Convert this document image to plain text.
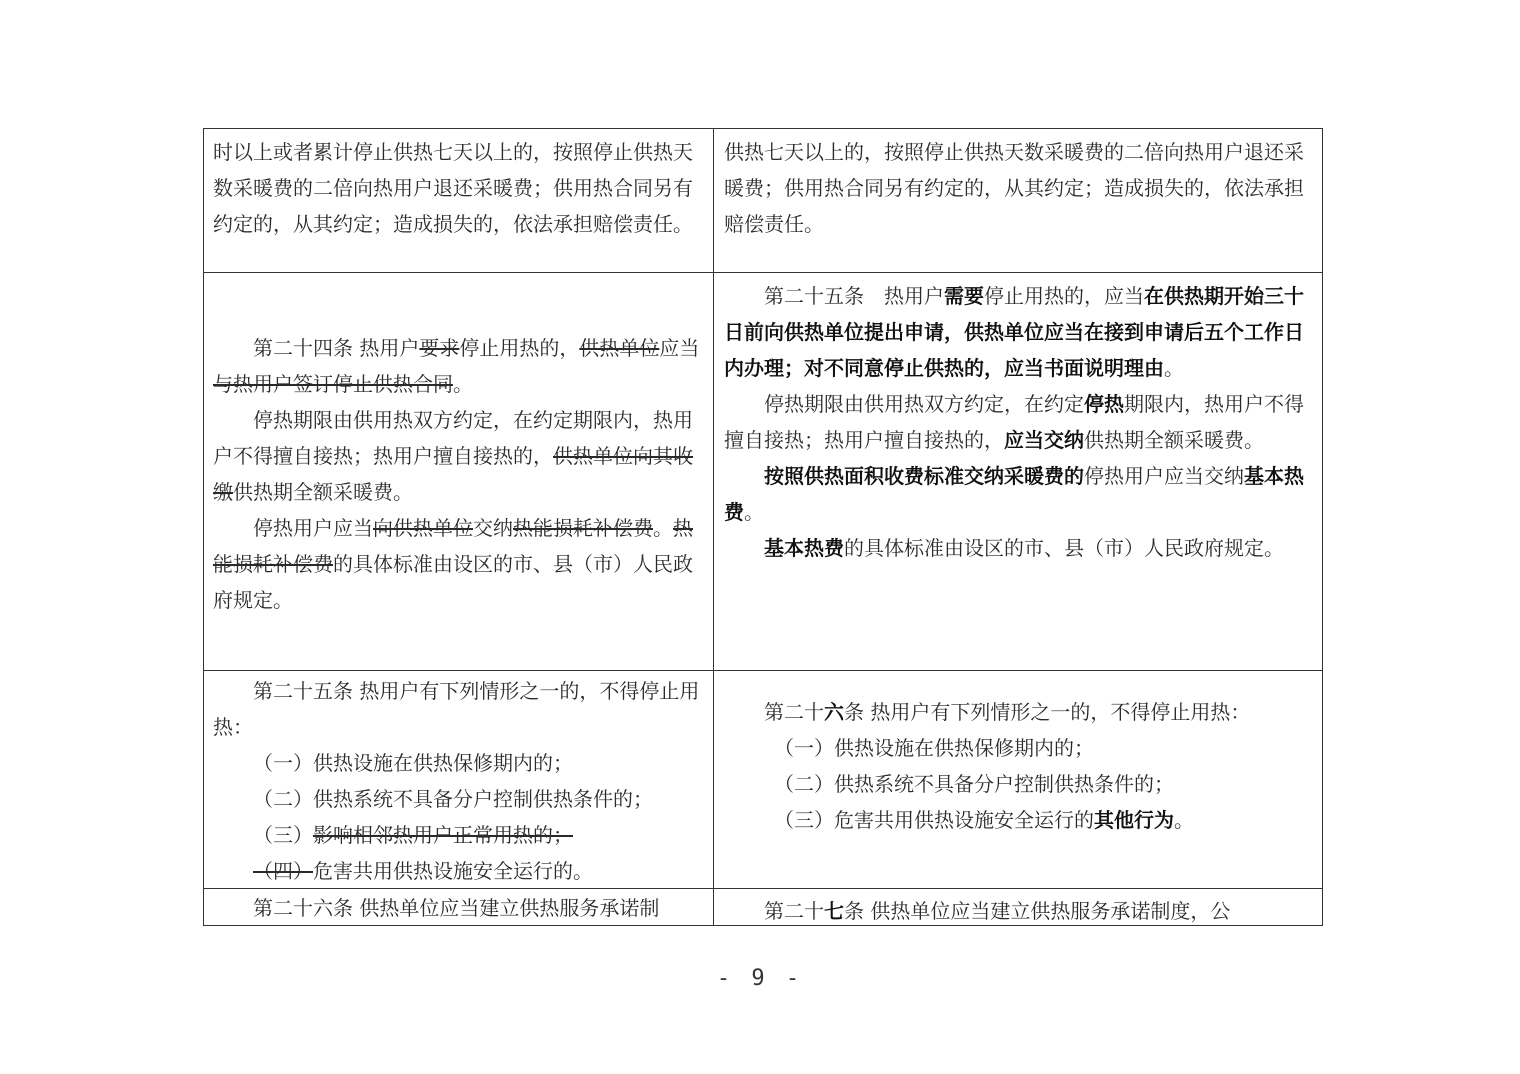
时以上或者累计停止供热七天以上的，按照停止供热天数采暖费的二倍向热用户退还采暖费；供用热合同另有约定的，从其约定；造成损失的，依法承担赔偿责任。

供热七天以上的，按照停止供热天数采暖费的二倍向热用户退还采暖费；供用热合同另有约定的，从其约定；造成损失的，依法承担赔偿责任。

第二十四条 热用户要求停止用热的，供热单位应当与热用户签订停止供热合同。

停热期限由供用热双方约定，在约定期限内，热用户不得擅自接热；热用户擅自接热的，供热单位向其收缴供热期全额采暖费。

停热用户应当向供热单位交纳热能损耗补偿费。热能损耗补偿费的具体标准由设区的市、县（市）人民政府规定。

第二十五条 热用户需要停止用热的，应当在供热期开始三十日前向供热单位提出申请，供热单位应当在接到申请后五个工作日内办理；对不同意停止供热的，应当书面说明理由。

停热期限由供用热双方约定，在约定停热期限内，热用户不得擅自接热；热用户擅自接热的，应当交纳供热期全额采暖费。

按照供热面积收费标准交纳采暖费的停热用户应当交纳基本热费。

基本热费的具体标准由设区的市、县（市）人民政府规定。

第二十五条 热用户有下列情形之一的，不得停止用热：

（一）供热设施在供热保修期内的；

（二）供热系统不具备分户控制供热条件的；

（三）影响相邻热用户正常用热的；

（四）危害共用供热设施安全运行的。

第二十六条 热用户有下列情形之一的，不得停止用热：

（一）供热设施在供热保修期内的；

（二）供热系统不具备分户控制供热条件的；

（三）危害共用供热设施安全运行的其他行为。

第二十六条 供热单位应当建立供热服务承诺制	第二十七条 供热单位应当建立供热服务承诺制度，公

- 9 -
